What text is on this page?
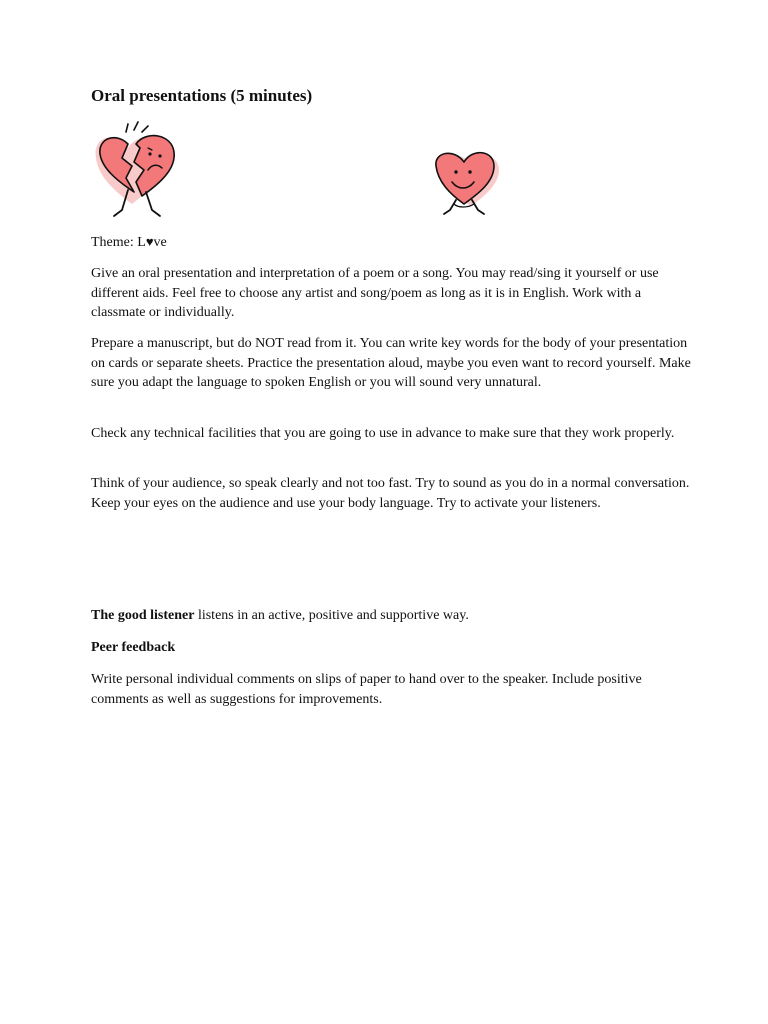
Oral presentations (5 minutes)

Theme: L♥ve

Give an oral presentation and interpretation of a poem or a song. You may read/sing it yourself or use different aids. Feel free to choose any artist and song/poem as long as it is in English. Work with a classmate or individually.

Prepare a manuscript, but do NOT read from it. You can write key words for the body of your presentation on cards or separate sheets. Practice the presentation aloud, maybe you even want to record yourself. Make sure you adapt the language to spoken English or you will sound very unnatural.

Check any technical facilities that you are going to use in advance to make sure that they work properly.

Think of your audience, so speak clearly and not too fast. Try to sound as you do in a normal conversation. Keep your eyes on the audience and use your body language. Try to activate your listeners.

The good listener listens in an active, positive and supportive way.

Peer feedback

Write personal individual comments on slips of paper to hand over to the speaker. Include positive comments as well as suggestions for improvements.
